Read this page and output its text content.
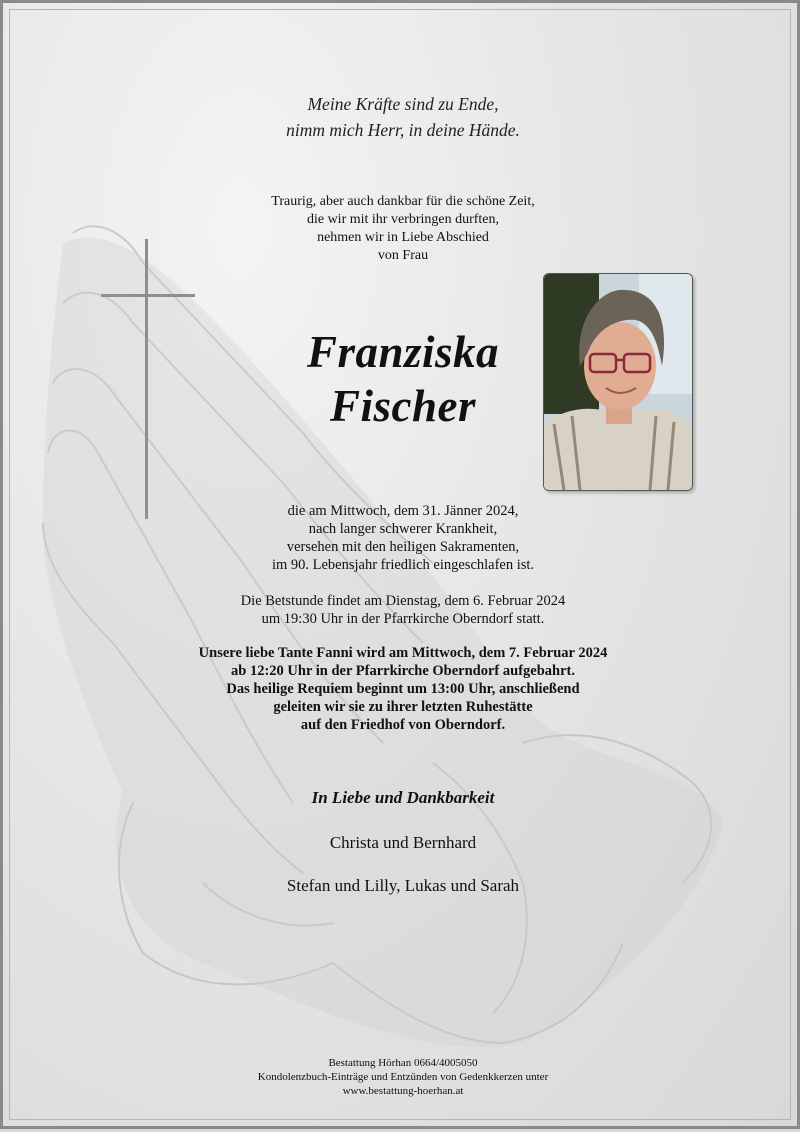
Meine Kräfte sind zu Ende,
nimm mich Herr, in deine Hände.
Traurig, aber auch dankbar für die schöne Zeit,
die wir mit ihr verbringen durften,
nehmen wir in Liebe Abschied
von Frau
Franziska
Fischer
die am Mittwoch, dem 31. Jänner 2024,
nach langer schwerer Krankheit,
versehen mit den heiligen Sakramenten,
im 90. Lebensjahr friedlich eingeschlafen ist.
Die Betstunde findet am Dienstag, dem 6. Februar 2024
um 19:30 Uhr in der Pfarrkirche Oberndorf statt.
Unsere liebe Tante Fanni wird am Mittwoch, dem 7. Februar 2024
ab 12:20 Uhr in der Pfarrkirche Oberndorf aufgebahrt.
Das heilige Requiem beginnt um 13:00 Uhr, anschließend
geleiten wir sie zu ihrer letzten Ruhestätte
auf den Friedhof von Oberndorf.
In Liebe und Dankbarkeit
Christa und Bernhard
Stefan und Lilly, Lukas und Sarah
Bestattung Hörhan 0664/4005050
Kondolenzbuch-Einträge und Entzünden von Gedenkkerzen unter
www.bestattung-hoerhan.at
